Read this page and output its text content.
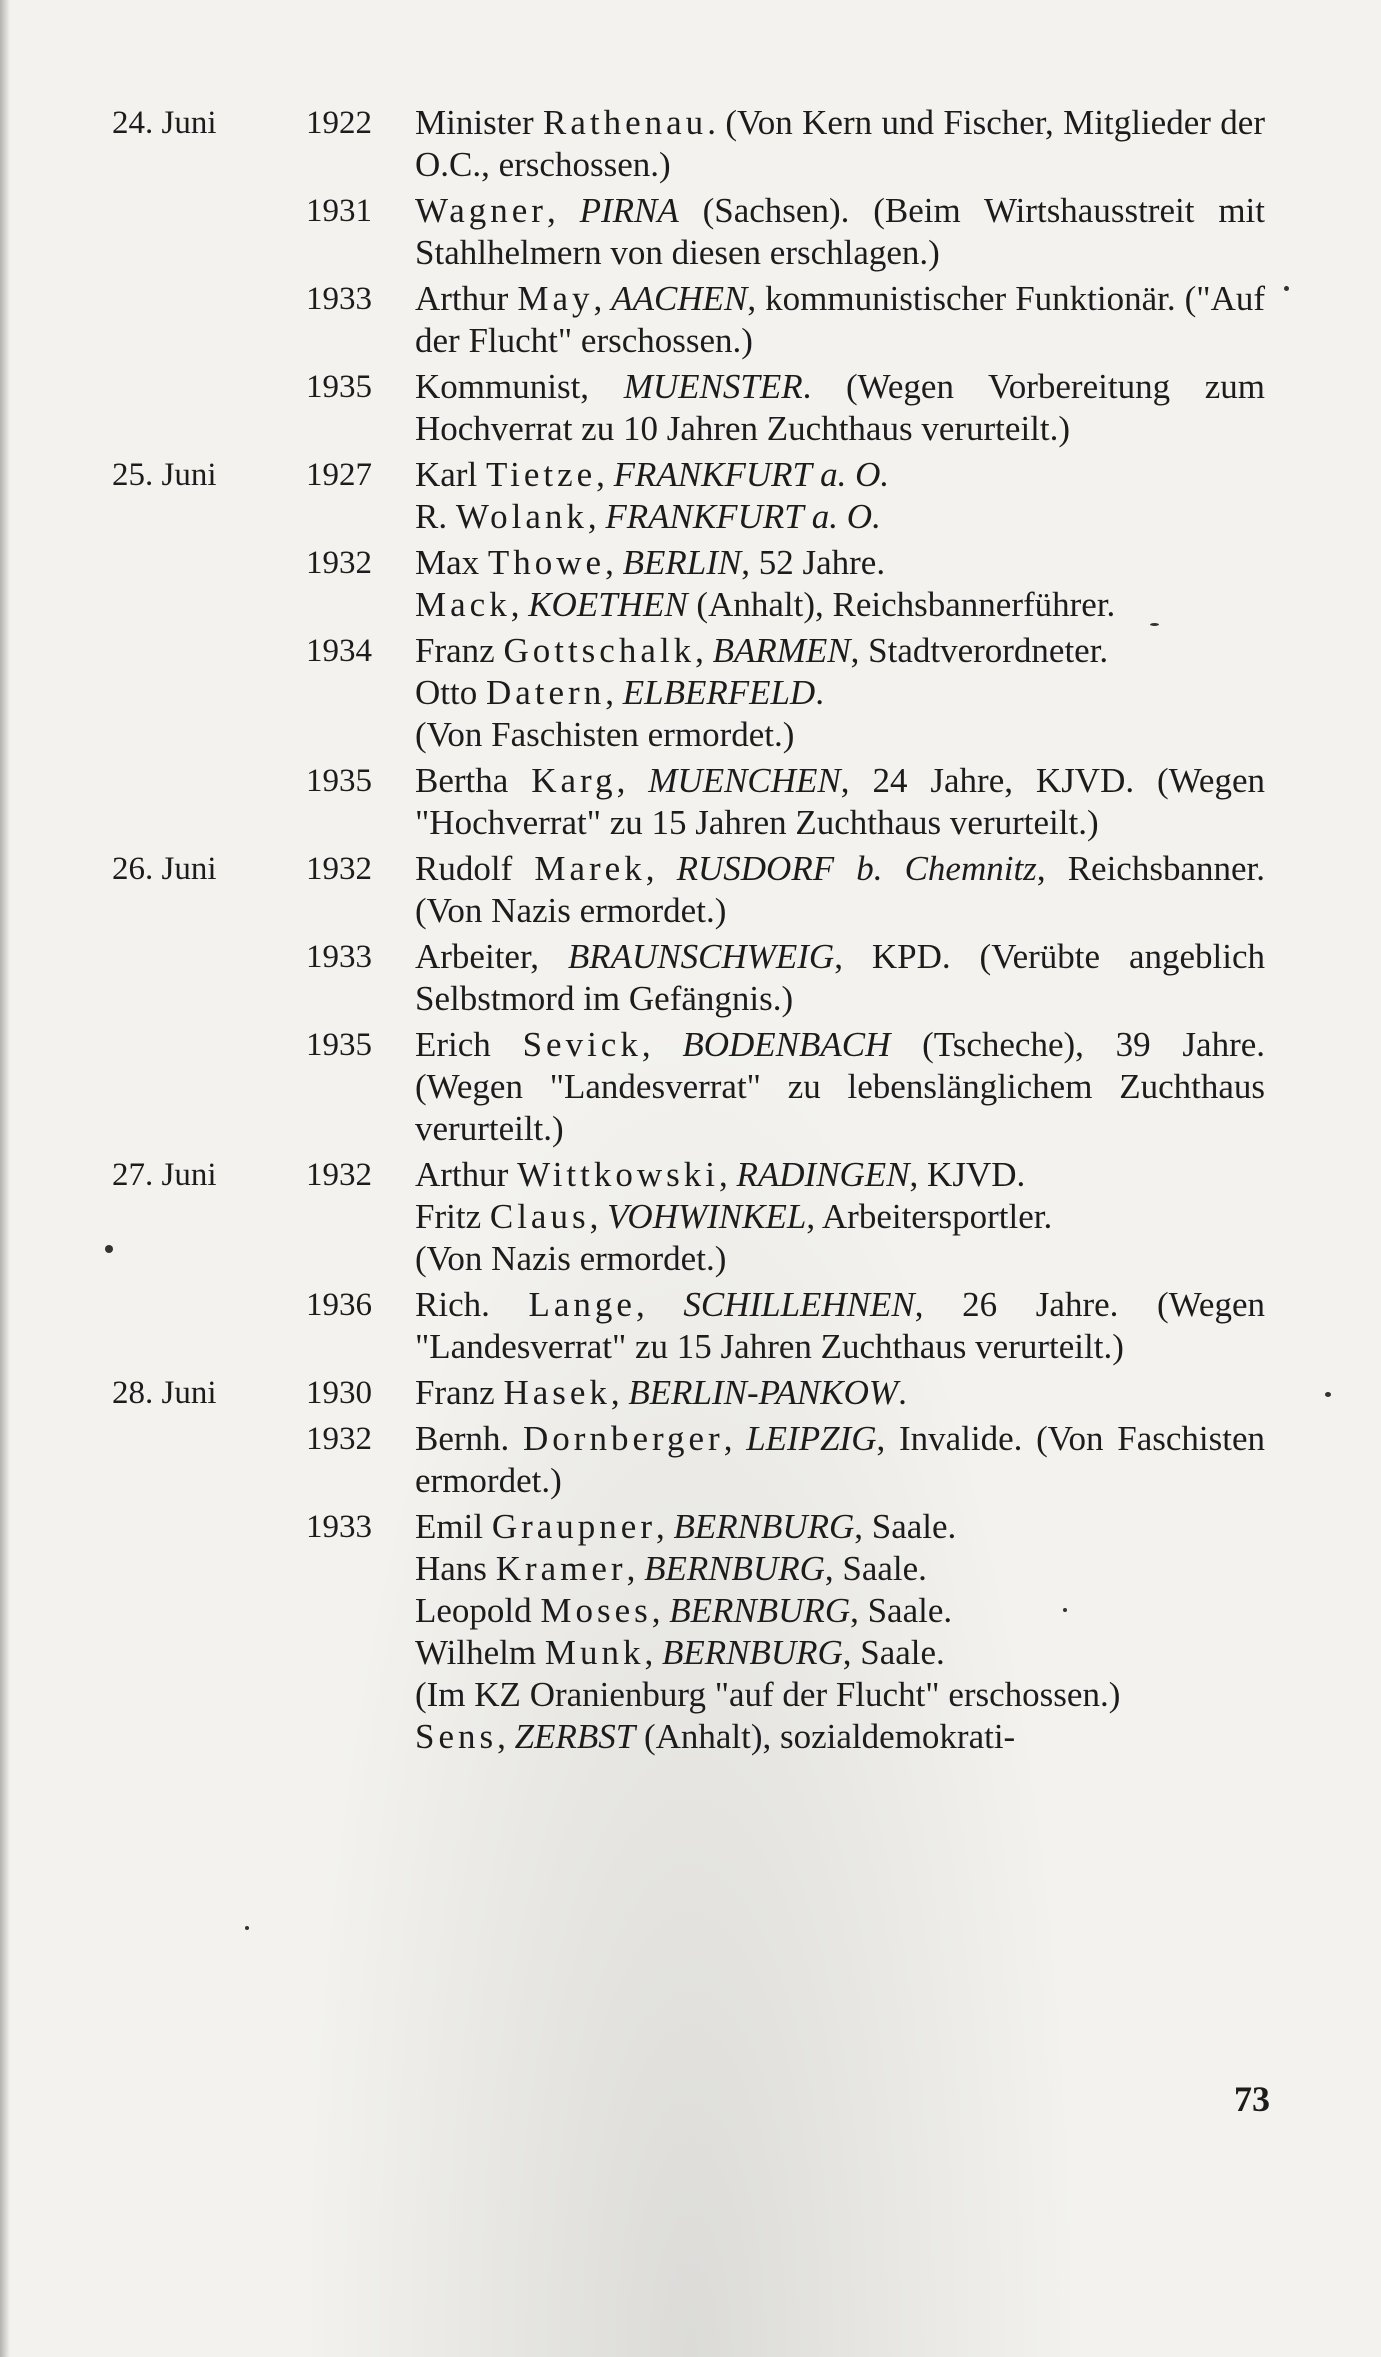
24. Juni	1922 Minister Rathenau. (Von Kern und Fischer, Mitglieder der O.C., erschossen.)

1931 Wagner, PIRNA (Sachsen). (Beim Wirtshausstreit mit Stahlhelmern von diesen erschlagen.)

1933 Arthur May, AACHEN, kommunistischer Funktionär. ("Auf der Flucht" erschossen.)

1935 Kommunist, MUENSTER. (Wegen Vorbereitung zum Hochverrat zu 10 Jahren Zuchthaus verurteilt.)

25. Juni	1927 Karl Tietze, FRANKFURT a. O.

R. Wolank, FRANKFURT a. O.

1932 Max Thowe, BERLIN, 52 Jahre.

Mack, KOETHEN (Anhalt), Reichsbannerführer.

1934 Franz Gottschalk, BARMEN, Stadtverordneter.

Otto Datern, ELBERFELD.

(Von Faschisten ermordet.)

1935 Bertha Karg, MUENCHEN, 24 Jahre, KJVD. (Wegen "Hochverrat" zu 15 Jahren Zuchthaus verurteilt.)

26. Juni	1932 Rudolf Marek, RUSDORF b. Chemnitz, Reichsbanner. (Von Nazis ermordet.)

1933 Arbeiter, BRAUNSCHWEIG, KPD. (Verübte angeblich Selbstmord im Gefängnis.)

1935 Erich Sevick, BODENBACH (Tscheche), 39 Jahre. (Wegen "Landesverrat" zu lebenslänglichem Zuchthaus verurteilt.)

27. Juni	1932 Arthur Wittkowski, RADINGEN, KJVD.

Fritz Claus, VOHWINKEL, Arbeitersportler.

(Von Nazis ermordet.)

1936 Rich. Lange, SCHILLEHNEN, 26 Jahre. (Wegen "Landesverrat" zu 15 Jahren Zuchthaus verurteilt.)

28. Juni	1930 Franz Hasek, BERLIN-PANKOW.

1932 Bernh. Dornberger, LEIPZIG, Invalide. (Von Faschisten ermordet.)

1933 Emil Graupner, BERNBURG, Saale.

Hans Kramer, BERNBURG, Saale.

Leopold Moses, BERNBURG, Saale.

Wilhelm Munk, BERNBURG, Saale.

(Im KZ Oranienburg "auf der Flucht" erschossen.)

Sens, ZERBST (Anhalt), sozialdemokrati-

73
